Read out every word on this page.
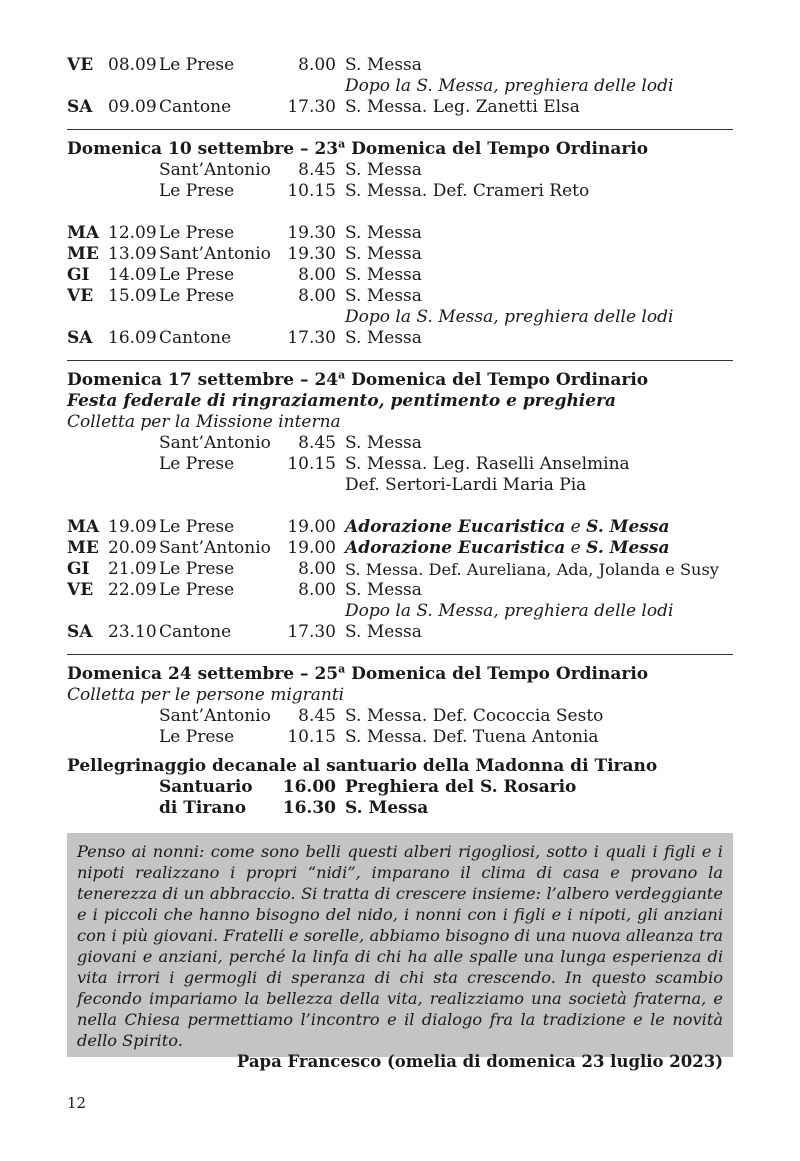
VE 08.09 Le Prese	8.00 S. Messa
Dopo la S. Messa, preghiera delle lodi
SA 09.09 Cantone	17.30 S. Messa. Leg. Zanetti Elsa
Domenica 10 settembre – 23$^a$ Domenica del Tempo Ordinario
Sant’Antonio 8.45 S. Messa
Le Prese	10.15 S. Messa. Def. Crameri Reto
MA 12.09 Le Prese	19.30 S. Messa
ME 13.09 Sant’Antonio 19.30 S. Messa
GI 14.09 Le Prese	8.00 S. Messa
VE 15.09 Le Prese	8.00 S. Messa
Dopo la S. Messa, preghiera delle lodi
SA 16.09 Cantone	17.30 S. Messa
Domenica 17 settembre – 24$^a$ Domenica del Tempo Ordinario
Festa federale di ringraziamento, pentimento e preghiera
Colletta per la Missione interna
Sant’Antonio 8.45 S. Messa
Le Prese	10.15 S. Messa. Leg. Raselli Anselmina
Def. Sertori-Lardi Maria Pia
MA 19.09 Le Prese	19.00 Adorazione Eucaristica e S. Messa
ME 20.09 Sant’Antonio 19.00 Adorazione Eucaristica e S. Messa
GI 21.09 Le Prese	8.00 S. Messa. Def. Aureliana, Ada, Jolanda e Susy
VE 22.09 Le Prese	8.00 S. Messa
Dopo la S. Messa, preghiera delle lodi
SA 23.10 Cantone	17.30 S. Messa
Domenica 24 settembre – 25$^a$ Domenica del Tempo Ordinario
Colletta per le persone migranti
Sant’Antonio 8.45 S. Messa. Def. Cococcia Sesto
Le Prese	10.15 S. Messa. Def. Tuena Antonia
Pellegrinaggio decanale al santuario della Madonna di Tirano
Santuario 16.00 Preghiera del S. Rosario
di Tirano 16.30 S. Messa
Penso ai nonni: come sono belli questi alberi rigogliosi, sotto i quali i figli e i nipoti realizzano i propri “nidi”, imparano il clima di casa e provano la tenerezza di un abbraccio. Si tratta di crescere insieme: l’albero verdeggiante e i piccoli che hanno bisogno del nido, i nonni con i figli e i nipoti, gli anziani con i più giovani. Fratelli e sorelle, abbiamo bisogno di una nuova alleanza tra giovani e anziani, perché la linfa di chi ha alle spalle una lunga esperienza di vita irrori i germogli di speranza di chi sta crescendo. In questo scambio fecondo impariamo la bellezza della vita, realizziamo una società fraterna, e nella Chiesa permettiamo l’incontro e il dialogo fra la tradizione e le novità dello Spirito.
Papa Francesco (omelia di domenica 23 luglio 2023)
12
